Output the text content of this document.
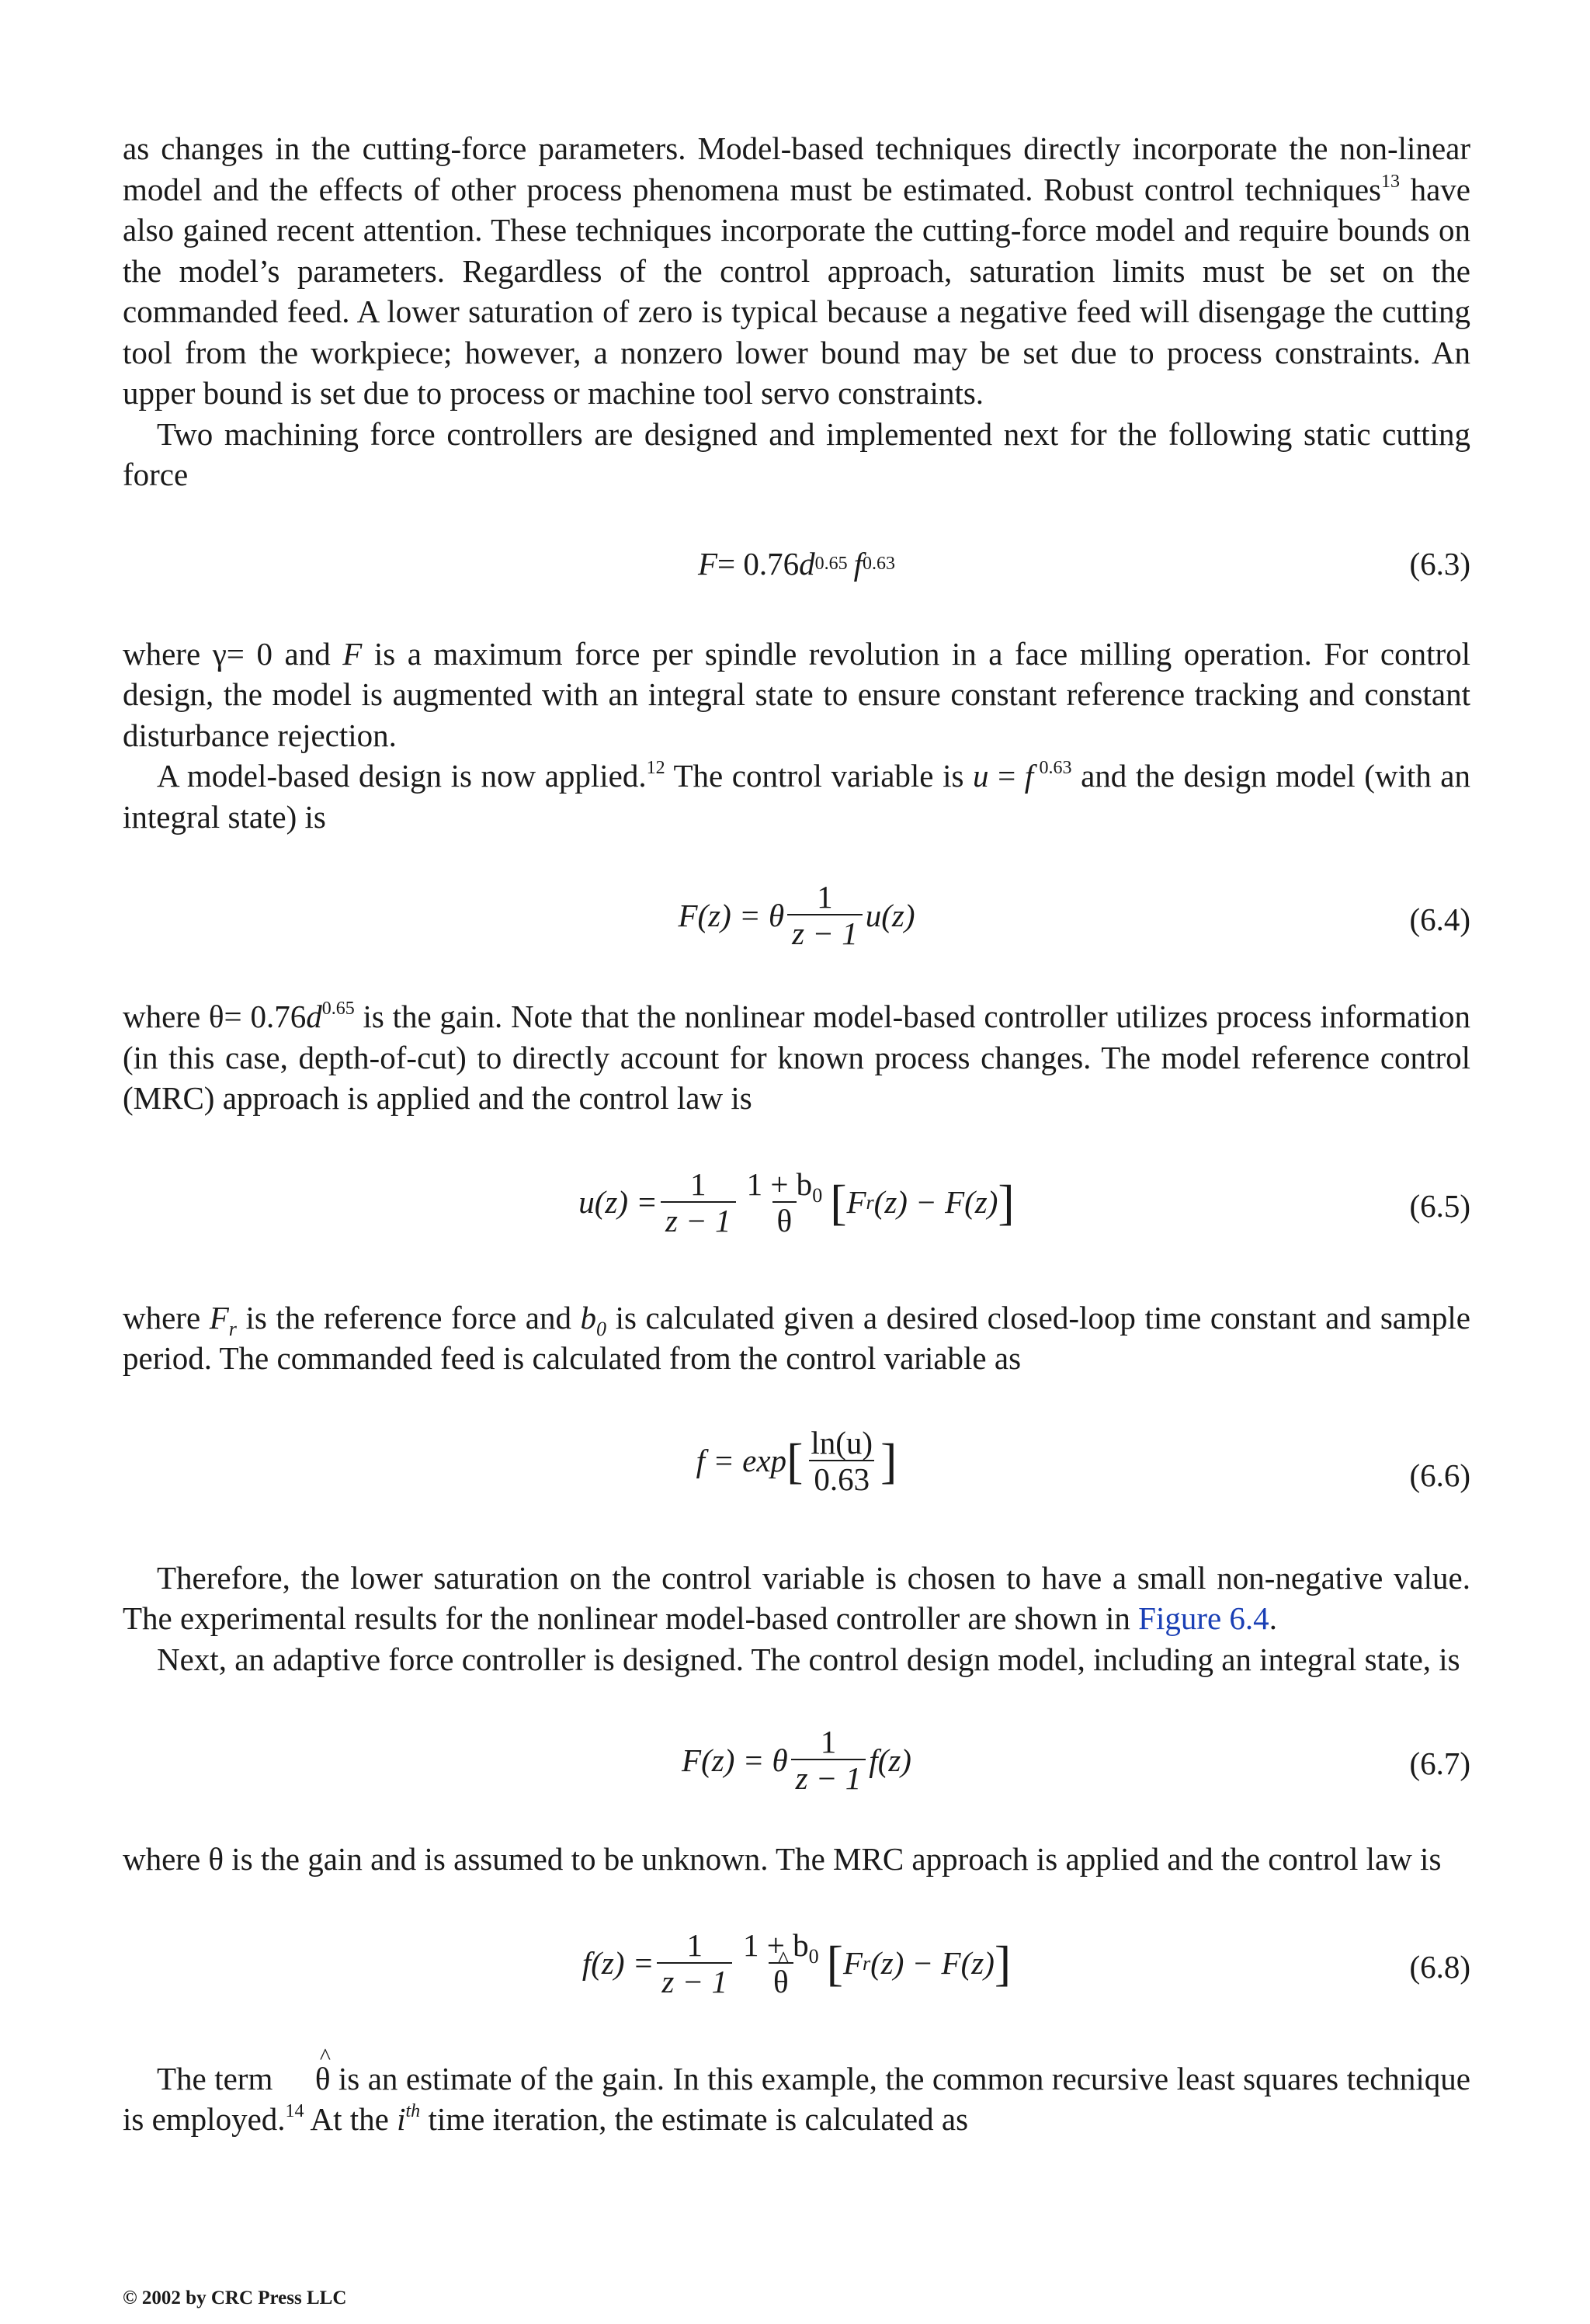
as changes in the cutting-force parameters. Model-based techniques directly incorporate the non-linear model and the effects of other process phenomena must be estimated. Robust control techniques$^{13}$ have also gained recent attention. These techniques incorporate the cutting-force model and require bounds on the model’s parameters. Regardless of the control approach, saturation limits must be set on the commanded feed. A lower saturation of zero is typical because a negative feed will disengage the cutting tool from the workpiece; however, a nonzero lower bound may be set due to process constraints. An upper bound is set due to process or machine tool servo constraints.

Two machining force controllers are designed and implemented next for the following static cutting force

F = 0.76 d 0.65 f 0.63	(6.3)

where γ= 0 and F is a maximum force per spindle revolution in a face milling operation. For control design, the model is augmented with an integral state to ensure constant reference tracking and constant disturbance rejection.

A model-based design is now applied.$^{12}$ The control variable is u = f $^{0.63}$ and the design model (with an integral state) is

F(z) = θ $\frac{1}{z - 1} u(z)$	(6.4)

where $\theta= 0.76d^{0.65}$ is the gain. Note that the nonlinear model-based controller utilizes process information (in this case, depth-of-cut) to directly account for known process changes. The model reference control (MRC) approach is applied and the control law is

$u(z) = \frac{1}{z - 1} \frac{1 + b_0}{\theta}$ [ F r (z) − F(z) ]	(6.5)

where $F_r$ is the reference force and $b_0$ is calculated given a desired closed-loop time constant and sample period. The commanded feed is calculated from the control variable as

f = exp [ $\frac{\ln(u)}{0.63}$ ]	(6.6)

Therefore, the lower saturation on the control variable is chosen to have a small non-negative value. The experimental results for the nonlinear model-based controller are shown in Figure 6.4.

Next, an adaptive force controller is designed. The control design model, including an integral state, is

F(z) = θ $\frac{1}{z - 1} f(z)$	(6.7)

where θ is the gain and is assumed to be unknown. The MRC approach is applied and the control law is

$f(z) = \frac{1}{z - 1} 1 + b_0$
^ θ [ F r (z) − F(z) ]	(6.8)

The term ^ θ is an estimate of the gain. In this example, the common recursive least squares technique is employed.$^{14}$ At the $i^{th}$ time iteration, the estimate is calculated as

© 2002 by CRC Press LLC
